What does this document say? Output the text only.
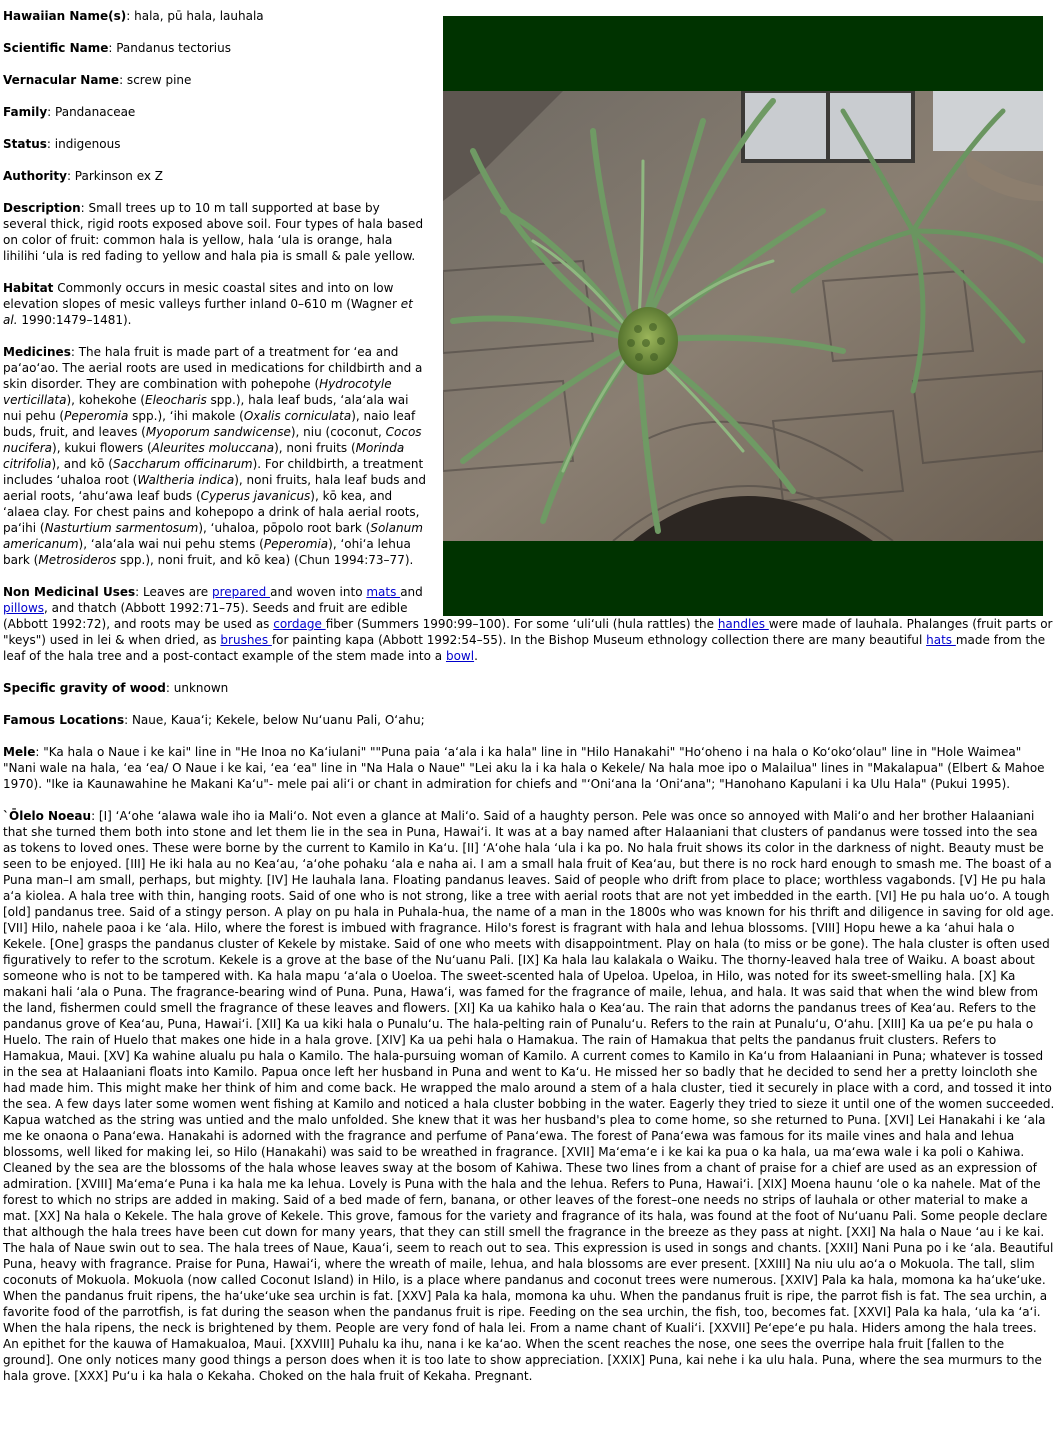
Hawaiian Name(s): hala, pū hala, lauhala

Scientific Name: Pandanus tectorius

Vernacular Name: screw pine

Family: Pandanaceae

Status: indigenous

Authority: Parkinson ex Z

Description: Small trees up to 10 m tall supported at base by several thick, rigid roots exposed above soil. Four types of hala based on color of fruit: common hala is yellow, hala ʻula is orange, hala lihilihi ʻula is red fading to yellow and hala pia is small & pale yellow.

Habitat Commonly occurs in mesic coastal sites and into on low elevation slopes of mesic valleys further inland 0–610 m (Wagner et al. 1990:1479–1481).

Medicines: The hala fruit is made part of a treatment for ʻea and paʻaoʻao. The aerial roots are used in medications for childbirth and a skin disorder. They are combination with pohepohe (Hydrocotyle verticillata), kohekohe (Eleocharis spp.), hala leaf buds, ʻalaʻala wai nui pehu (Peperomia spp.), ʻihi makole (Oxalis corniculata), naio leaf buds, fruit, and leaves (Myoporum sandwicense), niu (coconut, Cocos nucifera), kukui flowers (Aleurites moluccana), noni fruits (Morinda citrifolia), and kō (Saccharum officinarum). For childbirth, a treatment includes ʻuhaloa root (Waltheria indica), noni fruits, hala leaf buds and aerial roots, ʻahuʻawa leaf buds (Cyperus javanicus), kō kea, and ʻalaea clay. For chest pains and kohepopo a drink of hala aerial roots, paʻihi (Nasturtium sarmentosum), ʻuhaloa, pōpolo root bark (Solanum americanum), ʻalaʻala wai nui pehu stems (Peperomia), ʻohiʻa lehua bark (Metrosideros spp.), noni fruit, and kō kea) (Chun 1994:73–77).

Non Medicinal Uses: Leaves are prepared and woven into mats and pillows, and thatch (Abbott 1992:71–75). Seeds and fruit are edible (Abbott 1992:72), and roots may be used as cordage fiber (Summers 1990:99–100). For some ʻuliʻuli (hula rattles) the handles were made of lauhala. Phalanges (fruit parts or "keys") used in lei & when dried, as brushes for painting kapa (Abbott 1992:54–55). In the Bishop Museum ethnology collection there are many beautiful hats made from the leaf of the hala tree and a post-contact example of the stem made into a bowl.

Specific gravity of wood: unknown

Famous Locations: Naue, Kauaʻi; Kekele, below Nuʻuanu Pali, Oʻahu;

Mele: "Ka hala o Naue i ke kai" line in "He Inoa no Kaʻiulani" ""Puna paia ʻaʻala i ka hala" line in "Hilo Hanakahi" "Hoʻoheno i na hala o Koʻokoʻolau" line in "Hole Waimea" "Nani wale na hala, ʻea ʻea/ O Naue i ke kai, ʻea ʻea" line in "Na Hala o Naue" "Lei aku la i ka hala o Kekele/ Na hala moe ipo o Malailua" lines in "Makalapua" (Elbert & Mahoe 1970). "Ike ia Kaunawahine he Makani Kaʻu"- mele pai aliʻi or chant in admiration for chiefs and "ʻOniʻana la ʻOniʻana"; "Hanohano Kapulani i ka Ulu Hala" (Pukui 1995).

`Ōlelo Noeau: [I] ʻAʻohe ʻalawa wale iho ia Maliʻo. Not even a glance at Maliʻo. Said of a haughty person. Pele was once so annoyed with Maliʻo and her brother Halaaniani that she turned them both into stone and let them lie in the sea in Puna, Hawaiʻi. It was at a bay named after Halaaniani that clusters of pandanus were tossed into the sea as tokens to loved ones. These were borne by the current to Kamilo in Kaʻu. [II] ʻAʻohe hala ʻula i ka po. No hala fruit shows its color in the darkness of night. Beauty must be seen to be enjoyed. [III] He iki hala au no Keaʻau, ʻaʻohe pohaku ʻala e naha ai. I am a small hala fruit of Keaʻau, but there is no rock hard enough to smash me. The boast of a Puna man–I am small, perhaps, but mighty. [IV] He lauhala lana. Floating pandanus leaves. Said of people who drift from place to place; worthless vagabonds. [V] He pu hala aʻa kiolea. A hala tree with thin, hanging roots. Said of one who is not strong, like a tree with aerial roots that are not yet imbedded in the earth. [VI] He pu hala uoʻo. A tough [old] pandanus tree. Said of a stingy person. A play on pu hala in Puhala-hua, the name of a man in the 1800s who was known for his thrift and diligence in saving for old age. [VII] Hilo, nahele paoa i ke ʻala. Hilo, where the forest is imbued with fragrance. Hilo's forest is fragrant with hala and lehua blossoms. [VIII] Hopu hewe a ka ʻahui hala o Kekele. [One] grasps the pandanus cluster of Kekele by mistake. Said of one who meets with disappointment. Play on hala (to miss or be gone). The hala cluster is often used figuratively to refer to the scrotum. Kekele is a grove at the base of the Nuʻuanu Pali. [IX] Ka hala lau kalakala o Waiku. The thorny-leaved hala tree of Waiku. A boast about someone who is not to be tampered with. Ka hala mapu ʻaʻala o Uoeloa. The sweet-scented hala of Upeloa. Upeloa, in Hilo, was noted for its sweet-smelling hala. [X] Ka makani hali ʻala o Puna. The fragrance-bearing wind of Puna. Puna, Hawaʻi, was famed for the fragrance of maile, lehua, and hala. It was said that when the wind blew from the land, fishermen could smell the fragrance of these leaves and flowers. [XI] Ka ua kahiko hala o Keaʻau. The rain that adorns the pandanus trees of Keaʻau. Refers to the pandanus grove of Keaʻau, Puna, Hawaiʻi. [XII] Ka ua kiki hala o Punaluʻu. The hala-pelting rain of Punaluʻu. Refers to the rain at Punaluʻu, Oʻahu. [XIII] Ka ua peʻe pu hala o Huelo. The rain of Huelo that makes one hide in a hala grove. [XIV] Ka ua pehi hala o Hamakua. The rain of Hamakua that pelts the pandanus fruit clusters. Refers to Hamakua, Maui. [XV] Ka wahine alualu pu hala o Kamilo. The hala-pursuing woman of Kamilo. A current comes to Kamilo in Kaʻu from Halaaniani in Puna; whatever is tossed in the sea at Halaaniani floats into Kamilo. Papua once left her husband in Puna and went to Kaʻu. He missed her so badly that he decided to send her a pretty loincloth she had made him. This might make her think of him and come back. He wrapped the malo around a stem of a hala cluster, tied it securely in place with a cord, and tossed it into the sea. A few days later some women went fishing at Kamilo and noticed a hala cluster bobbing in the water. Eagerly they tried to sieze it until one of the women succeeded. Kapua watched as the string was untied and the malo unfolded. She knew that it was her husband's plea to come home, so she returned to Puna. [XVI] Lei Hanakahi i ke ʻala me ke onaona o Panaʻewa. Hanakahi is adorned with the fragrance and perfume of Panaʻewa. The forest of Panaʻewa was famous for its maile vines and hala and lehua blossoms, well liked for making lei, so Hilo (Hanakahi) was said to be wreathed in fragrance. [XVII] Maʻemaʻe i ke kai ka pua o ka hala, ua maʻewa wale i ka poli o Kahiwa. Cleaned by the sea are the blossoms of the hala whose leaves sway at the bosom of Kahiwa. These two lines from a chant of praise for a chief are used as an expression of admiration. [XVIII] Maʻemaʻe Puna i ka hala me ka lehua. Lovely is Puna with the hala and the lehua. Refers to Puna, Hawaiʻi. [XIX] Moena haunu ʻole o ka nahele. Mat of the forest to which no strips are added in making. Said of a bed made of fern, banana, or other leaves of the forest–one needs no strips of lauhala or other material to make a mat. [XX] Na hala o Kekele. The hala grove of Kekele. This grove, famous for the variety and fragrance of its hala, was found at the foot of Nuʻuanu Pali. Some people declare that although the hala trees have been cut down for many years, that they can still smell the fragrance in the breeze as they pass at night. [XXI] Na hala o Naue ʻau i ke kai. The hala of Naue swin out to sea. The hala trees of Naue, Kauaʻi, seem to reach out to sea. This expression is used in songs and chants. [XXII] Nani Puna po i ke ʻala. Beautiful Puna, heavy with fragrance. Praise for Puna, Hawaiʻi, where the wreath of maile, lehua, and hala blossoms are ever present. [XXIII] Na niu ulu aoʻa o Mokuola. The tall, slim coconuts of Mokuola. Mokuola (now called Coconut Island) in Hilo, is a place where pandanus and coconut trees were numerous. [XXIV] Pala ka hala, momona ka haʻukeʻuke. When the pandanus fruit ripens, the haʻukeʻuke sea urchin is fat. [XXV] Pala ka hala, momona ka uhu. When the pandanus fruit is ripe, the parrot fish is fat. The sea urchin, a favorite food of the parrotfish, is fat during the season when the pandanus fruit is ripe. Feeding on the sea urchin, the fish, too, becomes fat. [XXVI] Pala ka hala, ʻula ka ʻaʻi. When the hala ripens, the neck is brightened by them. People are very fond of hala lei. From a name chant of Kualiʻi. [XXVII] Peʻepeʻe pu hala. Hiders among the hala trees. An epithet for the kauwa of Hamakualoa, Maui. [XXVIII] Puhalu ka ihu, nana i ke kaʻao. When the scent reaches the nose, one sees the overripe hala fruit [fallen to the ground]. One only notices many good things a person does when it is too late to show appreciation. [XXIX] Puna, kai nehe i ka ulu hala. Puna, where the sea murmurs to the hala grove. [XXX] Puʻu i ka hala o Kekaha. Choked on the hala fruit of Kekaha. Pregnant.
